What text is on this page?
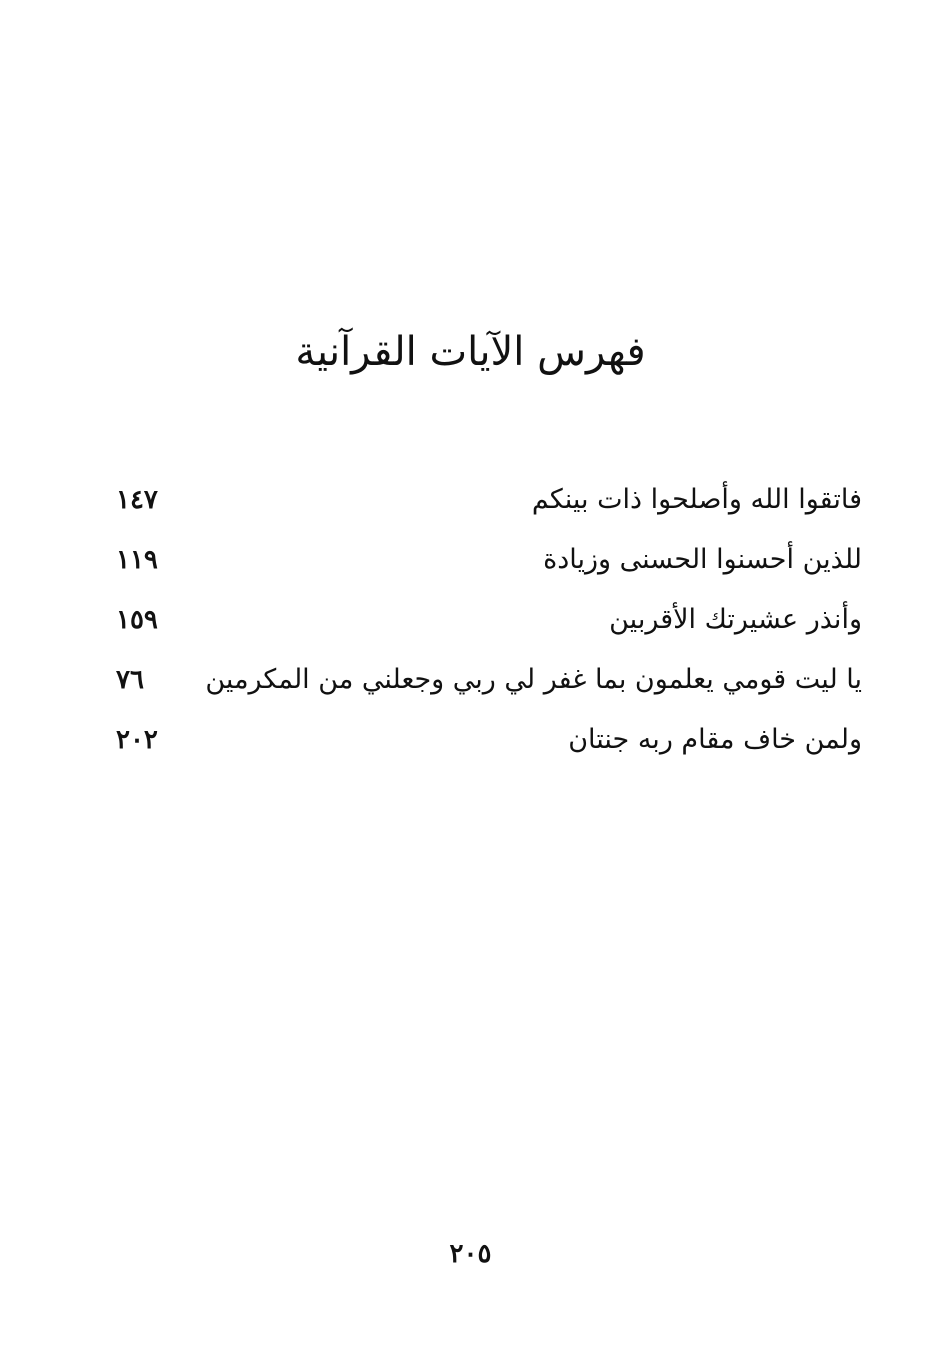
فهرس الآيات القرآنية
فاتقوا الله وأصلحوا ذات بينكم
١٤٧
للذين أحسنوا الحسنى وزيادة
١١٩
وأنذر عشيرتك الأقربين
١٥٩
يا ليت قومي يعلمون بما غفر لي ربي وجعلني من المكرمين
٧٦
ولمن خاف مقام ربه جنتان
٢٠٢
٢٠٥
